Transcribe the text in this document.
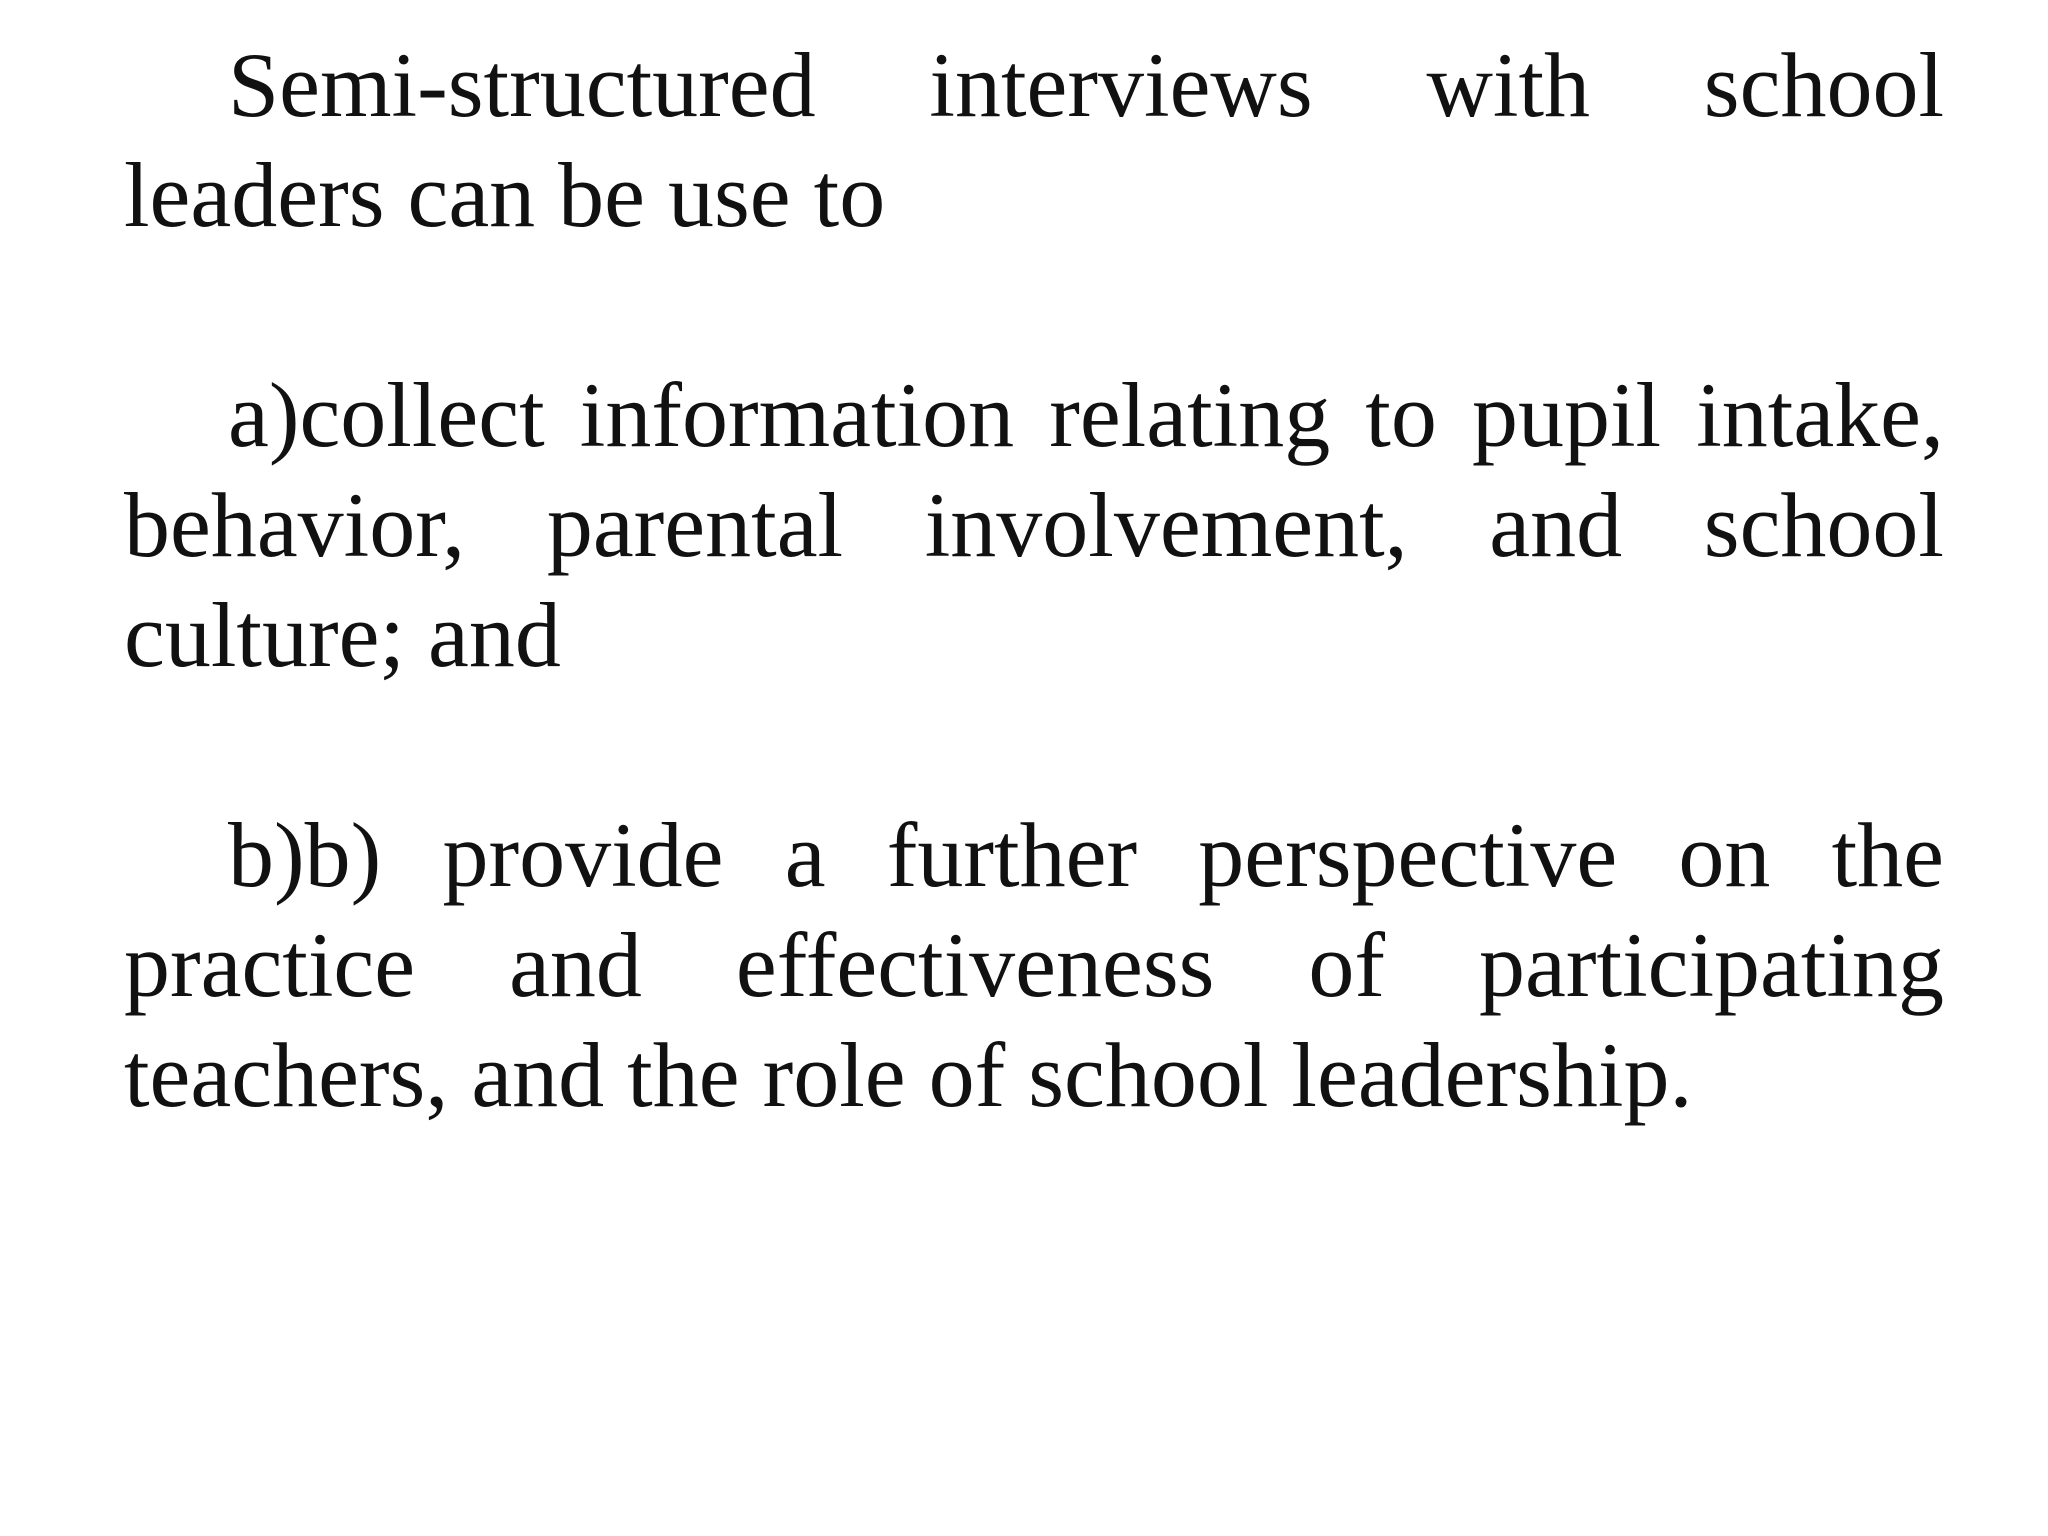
Semi-structured interviews with school leaders can be use to

a)collect information relating to pupil intake, behavior, parental involvement, and school culture; and

b)b) provide a further perspective on the practice and effectiveness of participating teachers, and the role of school leadership.
